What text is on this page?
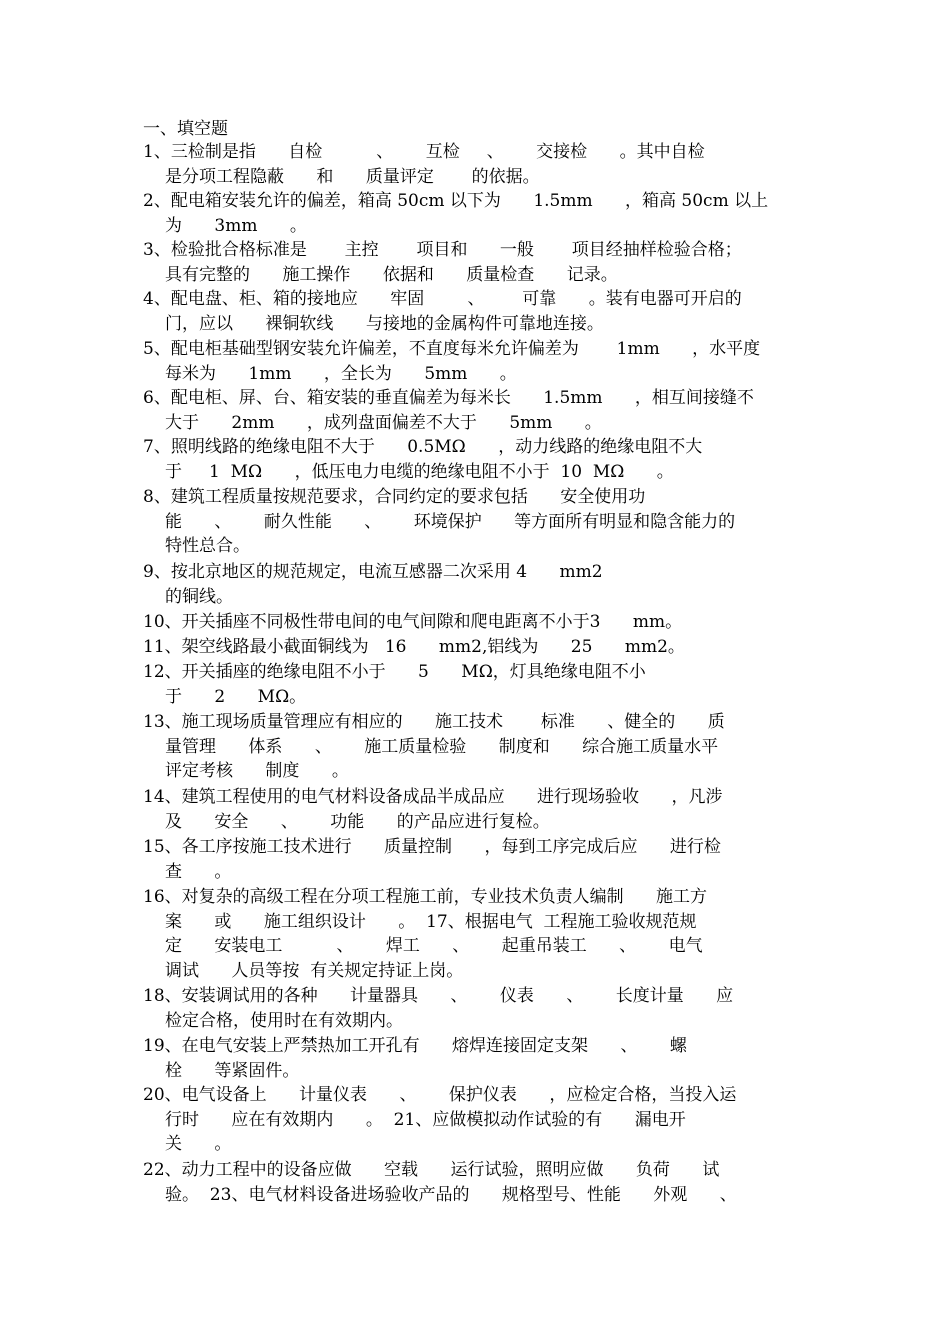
一、填空题
1、三检制是指      自检          、      互检     、      交接检      。其中自检
是分项工程隐蔽      和      质量评定       的依据。
2、配电箱安装允许的偏差，箱高 50cm 以下为      1.5mm      ，箱高 50cm 以上
为      3mm      。
3、检验批合格标准是       主控       项目和      一般       项目经抽样检验合格；
具有完整的      施工操作      依据和      质量检查      记录。
4、配电盘、柜、箱的接地应      牢固        、       可靠      。装有电器可开启的
门，应以      裸铜软线      与接地的金属构件可靠地连接。
5、配电柜基础型钢安装允许偏差，不直度每米允许偏差为       1mm      ，水平度
每米为      1mm      ，全长为      5mm      。
6、配电柜、屏、台、箱安装的垂直偏差为每米长      1.5mm      ，相互间接缝不
大于      2mm      ，成列盘面偏差不大于      5mm      。
7、照明线路的绝缘电阻不大于      0.5MΩ      ，动力线路的绝缘电阻不大
于     1  MΩ      ，低压电力电缆的绝缘电阻不小于  10  MΩ      。
8、建筑工程质量按规范要求，合同约定的要求包括      安全使用功
能      、      耐久性能      、      环境保护      等方面所有明显和隐含能力的
特性总合。
9、按北京地区的规范规定，电流互感器二次采用 4      mm2
的铜线。
10、开关插座不同极性带电间的电气间隙和爬电距离不小于3      mm。
11、架空线路最小截面铜线为   16      mm2,铝线为      25      mm2。
12、开关插座的绝缘电阻不小于      5      MΩ，灯具绝缘电阻不小
于      2      MΩ。
13、施工现场质量管理应有相应的      施工技术       标准      、健全的      质
量管理      体系      、      施工质量检验      制度和      综合施工质量水平
评定考核      制度      。
14、建筑工程使用的电气材料设备成品半成品应      进行现场验收      ，凡涉
及      安全      、      功能      的产品应进行复检。
15、各工序按施工技术进行      质量控制      ，每到工序完成后应      进行检
查      。
16、对复杂的高级工程在分项工程施工前，专业技术负责人编制      施工方
案      或      施工组织设计      。  17、根据电气  工程施工验收规范规
定      安装电工          、      焊工      、      起重吊装工      、      电气
调试      人员等按  有关规定持证上岗。
18、安装调试用的各种      计量器具      、      仪表      、      长度计量      应
检定合格，使用时在有效期内。
19、在电气安装上严禁热加工开孔有      熔焊连接固定支架      、      螺
栓      等紧固件。
20、电气设备上      计量仪表      、      保护仪表      ，应检定合格，当投入运
行时      应在有效期内      。  21、应做模拟动作试验的有      漏电开
关      。
22、动力工程中的设备应做      空载      运行试验，照明应做      负荷      试
验。  23、电气材料设备进场验收产品的      规格型号、性能      外观      、
